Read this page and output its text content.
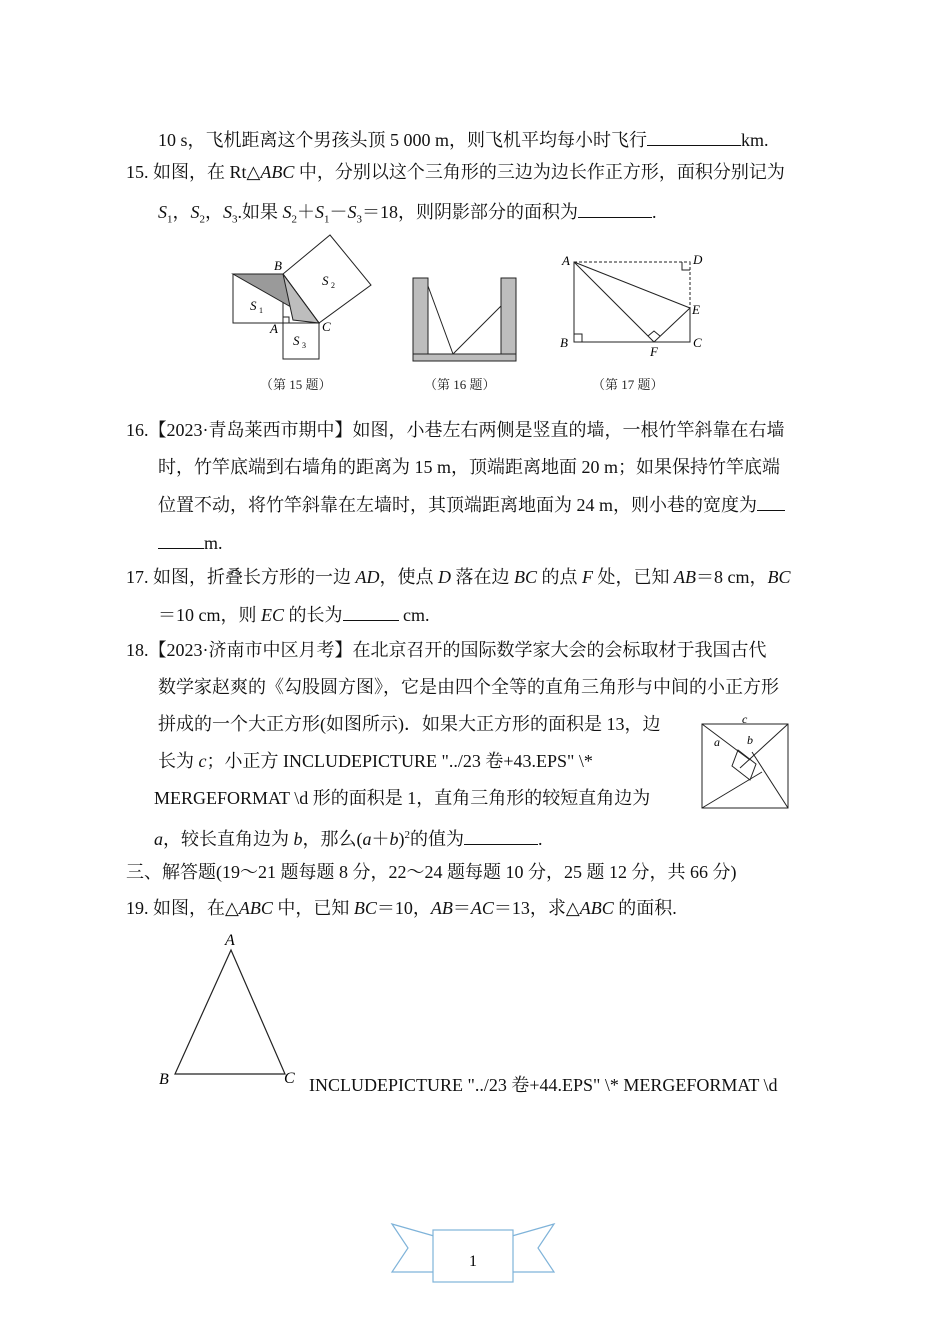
10 s，飞机距离这个男孩头顶 5 000 m，则飞机平均每小时飞行	km.
15. 如图，在 Rt△ABC 中，分别以这个三角形的三边为边长作正方形，面积分别记为
$S_1$，$S_2$，$S_3$.如果 $S_2+S_1-S_3=18$，则阴影部分的面积为	.
B
A	C
S 1
S 2
S 3
（第 15 题）	（第 16 题）
A	D
E
B
F
C
（第 17 题）
16.【2023·青岛莱西市期中】如图，小巷左右两侧是竖直的墙，一根竹竿斜靠在右墙
时，竹竿底端到右墙角的距离为 15 m，顶端距离地面 20 m；如果保持竹竿底端
位置不动，将竹竿斜靠在左墙时，其顶端距离地面为 24 m，则小巷的宽度为
m.
17. 如图，折叠长方形的一边 AD，使点 D 落在边 BC 的点 F 处，已知 AB＝8 cm，BC
＝10 cm，则 EC 的长为	cm.
18.【2023·济南市中区月考】在北京召开的国际数学家大会的会标取材于我国古代
数学家赵爽的《勾股圆方图》，它是由四个全等的直角三角形与中间的小正方形
拼成的一个大正方形(如图所示)．如果大正方形的面积是 13，边
长为 c；小正方 INCLUDEPICTURE "../23 卷+43.EPS" \*
MERGEFORMAT \d 形的面积是 1，直角三角形的较短直角边为
a，较长直角边为 b，那么$(a+b)^2$的值为	.
c
a b
三、解答题(19～21 题每题 8 分，22～24 题每题 10 分，25 题 12 分，共 66 分)
19. 如图，在△ABC 中，已知 BC＝10，AB＝AC＝13，求△ABC 的面积.
A
B	C INCLUDEPICTURE "../23 卷+44.EPS" \* MERGEFORMAT \d
1
